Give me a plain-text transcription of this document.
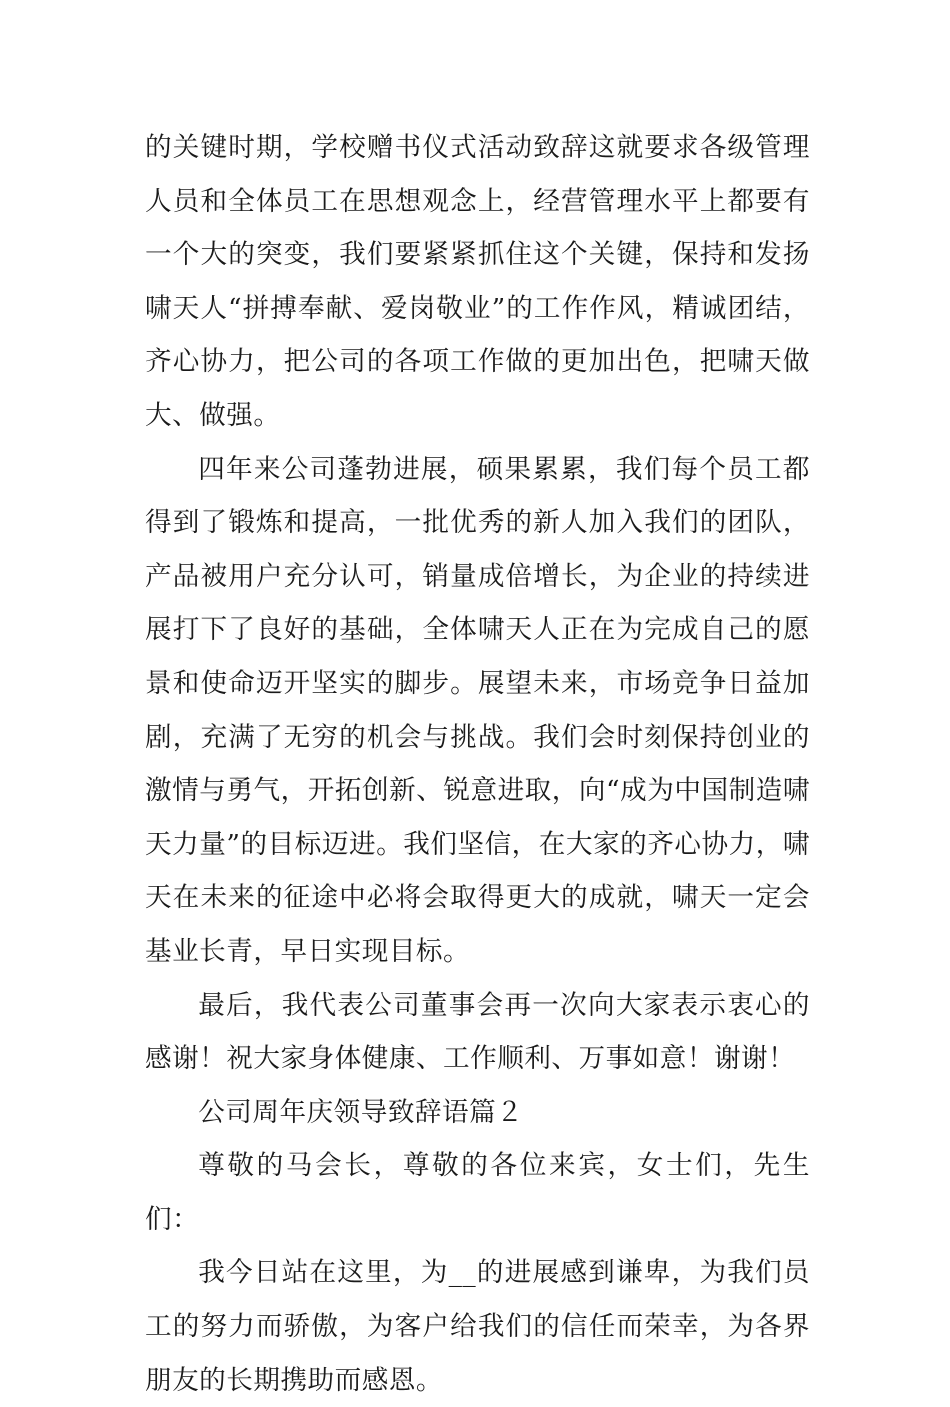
的关键时期，学校赠书仪式活动致辞这就要求各级管理人员和全体员工在思想观念上，经营管理水平上都要有一个大的突变，我们要紧紧抓住这个关键，保持和发扬啸天人“拼搏奉献、爱岗敬业”的工作作风，精诚团结，齐心协力，把公司的各项工作做的更加出色，把啸天做大、做强。

四年来公司蓬勃进展，硕果累累，我们每个员工都得到了锻炼和提高，一批优秀的新人加入我们的团队，产品被用户充分认可，销量成倍增长，为企业的持续进展打下了良好的基础，全体啸天人正在为完成自己的愿景和使命迈开坚实的脚步。展望未来，市场竞争日益加剧，充满了无穷的机会与挑战。我们会时刻保持创业的激情与勇气，开拓创新、锐意进取，向“成为中国制造啸天力量”的目标迈进。我们坚信，在大家的齐心协力，啸天在未来的征途中必将会取得更大的成就，啸天一定会基业长青，早日实现目标。

最后，我代表公司董事会再一次向大家表示衷心的感谢！祝大家身体健康、工作顺利、万事如意！谢谢！

公司周年庆领导致辞语篇２

尊敬的马会长，尊敬的各位来宾，女士们，先生们：

我今日站在这里，为__的进展感到谦卑，为我们员工的努力而骄傲，为客户给我们的信任而荣幸，为各界朋友的长期携助而感恩。
